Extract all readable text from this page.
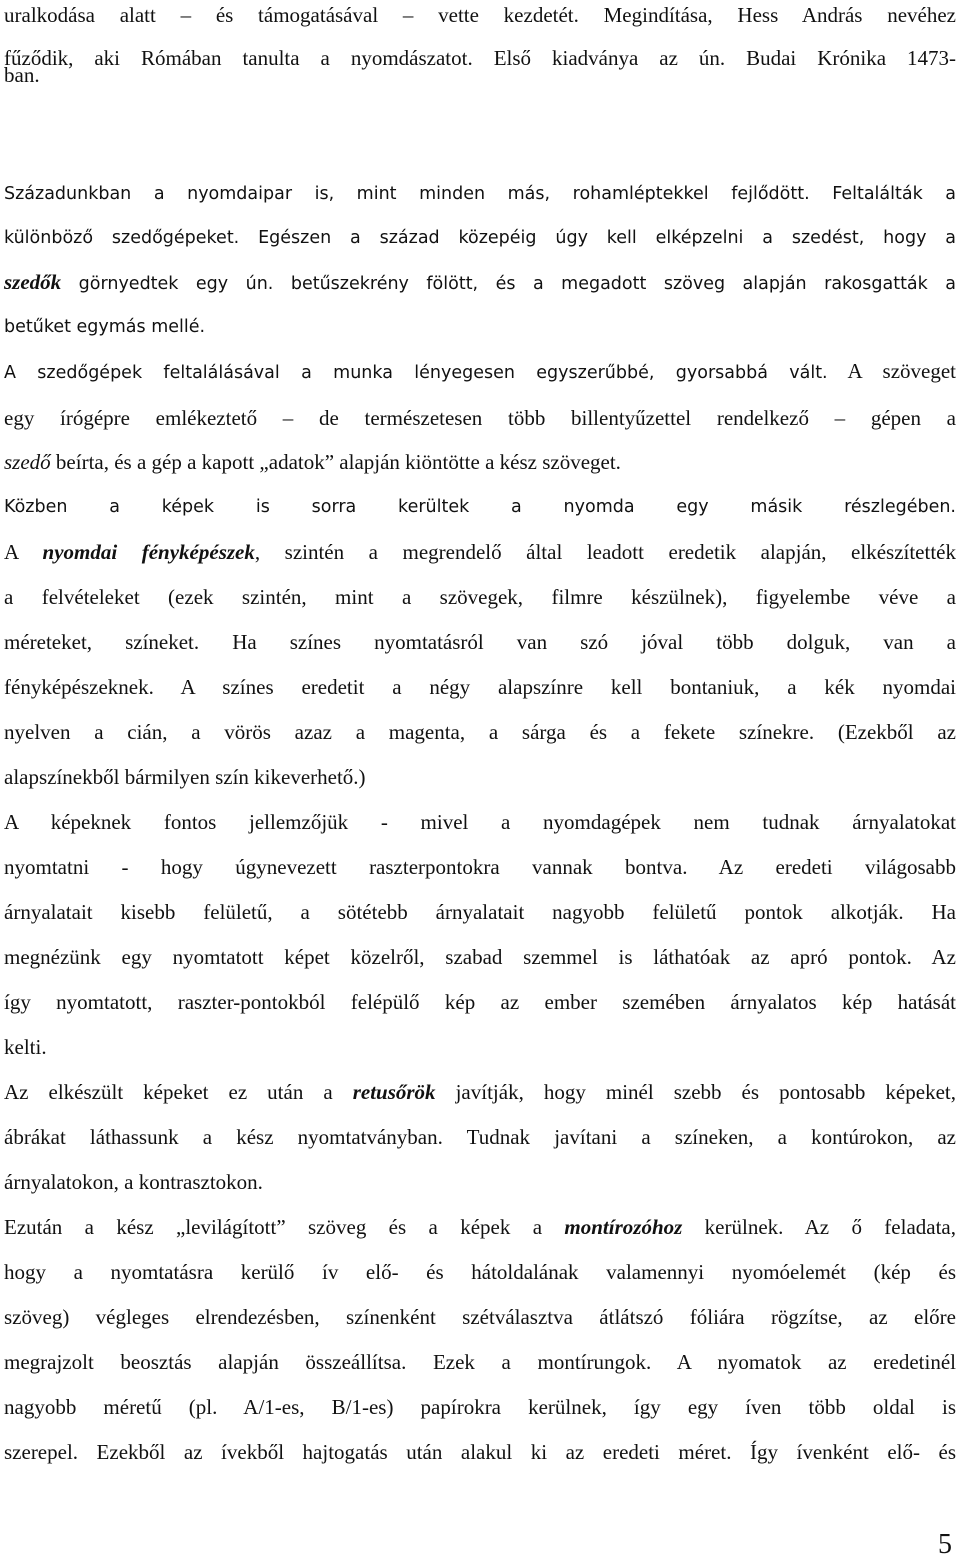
uralkodása alatt – és támogatásával – vette kezdetét. Megindítása, Hess András nevéhez
fűződik, aki Rómában tanulta a nyomdászatot. Első kiadványa az ún. Budai Krónika 1473-
ban.
Századunkban a nyomdaipar is, mint minden más, rohamléptekkel fejlődött. Feltalálták a
különböző szedőgépeket. Egészen a század közepéig úgy kell elképzelni a szedést, hogy a
szedők görnyedtek egy ún. betűszekrény fölött, és a megadott szöveg alapján rakosgatták a
betűket egymás mellé.
A szedőgépek feltalálásával a munka lényegesen egyszerűbbé, gyorsabbá vált. A szöveget
egy írógépre emlékeztető – de természetesen több billentyűzettel rendelkező – gépen a
szedő beírta, és a gép a kapott „adatok” alapján kiöntötte a kész szöveget.
Közben a képek is sorra kerültek a nyomda egy másik részlegében.
A nyomdai fényképészek, szintén a megrendelő által leadott eredetik alapján, elkészítették
a felvételeket (ezek szintén, mint a szövegek, filmre készülnek), figyelembe véve a
méreteket, színeket. Ha színes nyomtatásról van szó jóval több dolguk, van a
fényképészeknek. A színes eredetit a négy alapszínre kell bontaniuk, a kék nyomdai
nyelven a cián, a vörös azaz a magenta, a sárga és a fekete színekre. (Ezekből az
alapszínekből bármilyen szín kikeverhető.)
A képeknek fontos jellemzőjük - mivel a nyomdagépek nem tudnak árnyalatokat
nyomtatni - hogy úgynevezett raszterpontokra vannak bontva. Az eredeti világosabb
árnyalatait kisebb felületű, a sötétebb árnyalatait nagyobb felületű pontok alkotják. Ha
megnézünk egy nyomtatott képet közelről, szabad szemmel is láthatóak az apró pontok. Az
így nyomtatott, raszter-pontokból felépülő kép az ember szemében árnyalatos kép hatását
kelti.
Az elkészült képeket ez után a retusőrök javítják, hogy minél szebb és pontosabb képeket,
ábrákat láthassunk a kész nyomtatványban. Tudnak javítani a színeken, a kontúrokon, az
árnyalatokon, a kontrasztokon.
Ezután a kész „levilágított” szöveg és a képek a montírozóhoz kerülnek. Az ő feladata,
hogy a nyomtatásra kerülő ív elő- és hátoldalának valamennyi nyomóelemét (kép és
szöveg) végleges elrendezésben, színenként szétválasztva átlátszó fóliára rögzítse, az előre
megrajzolt beosztás alapján összeállítsa. Ezek a montírungok. A nyomatok az eredetinél
nagyobb méretű (pl. A/1-es, B/1-es) papírokra kerülnek, így egy íven több oldal is
szerepel. Ezekből az ívekből hajtogatás után alakul ki az eredeti méret. Így ívenként elő- és
5
